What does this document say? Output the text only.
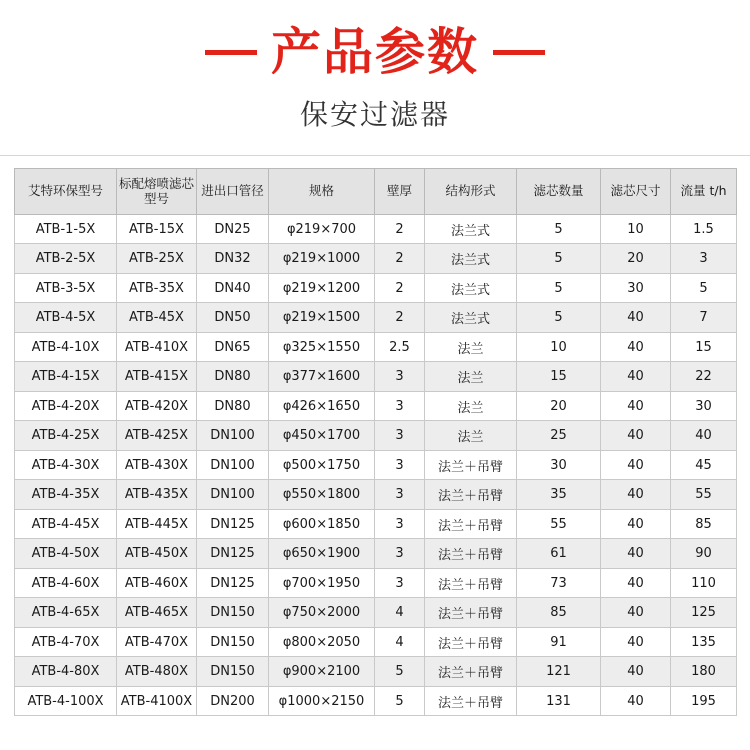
产品参数
保安过滤器
艾特环保型号	标配熔喷滤芯型号	进出口管径	规格	壁厚	结构形式	滤芯数量	滤芯尺寸	流量 t/h
ATB-1-5X	ATB-15X	DN25	φ219×700	2	法兰式	5	10	1.5
ATB-2-5X	ATB-25X	DN32	φ219×1000	2	法兰式	5	20	3
ATB-3-5X	ATB-35X	DN40	φ219×1200	2	法兰式	5	30	5
ATB-4-5X	ATB-45X	DN50	φ219×1500	2	法兰式	5	40	7
ATB-4-10X	ATB-410X	DN65	φ325×1550	2.5	法兰	10	40	15
ATB-4-15X	ATB-415X	DN80	φ377×1600	3	法兰	15	40	22
ATB-4-20X	ATB-420X	DN80	φ426×1650	3	法兰	20	40	30
ATB-4-25X	ATB-425X	DN100	φ450×1700	3	法兰	25	40	40
ATB-4-30X	ATB-430X	DN100	φ500×1750	3	法兰＋吊臂	30	40	45
ATB-4-35X	ATB-435X	DN100	φ550×1800	3	法兰＋吊臂	35	40	55
ATB-4-45X	ATB-445X	DN125	φ600×1850	3	法兰＋吊臂	55	40	85
ATB-4-50X	ATB-450X	DN125	φ650×1900	3	法兰＋吊臂	61	40	90
ATB-4-60X	ATB-460X	DN125	φ700×1950	3	法兰＋吊臂	73	40	110
ATB-4-65X	ATB-465X	DN150	φ750×2000	4	法兰＋吊臂	85	40	125
ATB-4-70X	ATB-470X	DN150	φ800×2050	4	法兰＋吊臂	91	40	135
ATB-4-80X	ATB-480X	DN150	φ900×2100	5	法兰＋吊臂	121	40	180
ATB-4-100X	ATB-4100X	DN200	φ1000×2150	5	法兰＋吊臂	131	40	195
